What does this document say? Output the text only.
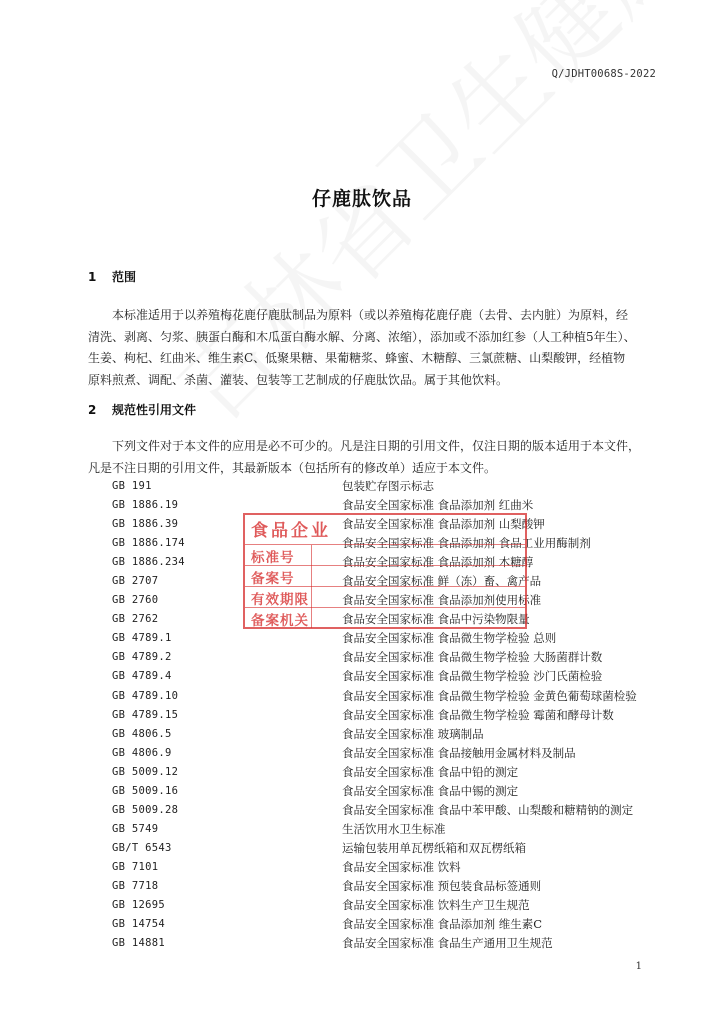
Q/JDHT0068S-2022
仔鹿肽饮品
1 范围
本标准适用于以养殖梅花鹿仔鹿肽制品为原料（或以养殖梅花鹿仔鹿（去骨、去内脏）为原料，经
清洗、剥离、匀浆、胰蛋白酶和木瓜蛋白酶水解、分离、浓缩），添加或不添加红参（人工种植5年生）、
生姜、枸杞、红曲米、维生素C、低聚果糖、果葡糖浆、蜂蜜、木糖醇、三氯蔗糖、山梨酸钾，经植物
原料煎煮、调配、杀菌、灌装、包装等工艺制成的仔鹿肽饮品。属于其他饮料。
2 规范性引用文件
下列文件对于本文件的应用是必不可少的。凡是注日期的引用文件，仅注日期的版本适用于本文件，
凡是不注日期的引用文件，其最新版本（包括所有的修改单）适应于本文件。
GB 191	包装贮存图示标志
GB 1886.19	食品安全国家标准 食品添加剂 红曲米
GB 1886.39	食品安全国家标准 食品添加剂 山梨酸钾
GB 1886.174	食品安全国家标准 食品添加剂 食品工业用酶制剂
GB 1886.234	食品安全国家标准 食品添加剂 木糖醇
GB 2707	食品安全国家标准 鲜（冻）畜、禽产品
GB 2760	食品安全国家标准 食品添加剂使用标准
GB 2762	食品安全国家标准 食品中污染物限量
GB 4789.1	食品安全国家标准 食品微生物学检验 总则
GB 4789.2	食品安全国家标准 食品微生物学检验 大肠菌群计数
GB 4789.4	食品安全国家标准 食品微生物学检验 沙门氏菌检验
GB 4789.10	食品安全国家标准 食品微生物学检验 金黄色葡萄球菌检验
GB 4789.15	食品安全国家标准 食品微生物学检验 霉菌和酵母计数
GB 4806.5	食品安全国家标准 玻璃制品
GB 4806.9	食品安全国家标准 食品接触用金属材料及制品
GB 5009.12	食品安全国家标准 食品中铅的测定
GB 5009.16	食品安全国家标准 食品中锡的测定
GB 5009.28	食品安全国家标准 食品中苯甲酸、山梨酸和糖精钠的测定
GB 5749	生活饮用水卫生标准
GB/T 6543	运输包装用单瓦楞纸箱和双瓦楞纸箱
GB 7101	食品安全国家标准 饮料
GB 7718	食品安全国家标准 预包装食品标签通则
GB 12695	食品安全国家标准 饮料生产卫生规范
GB 14754	食品安全国家标准 食品添加剂 维生素C
GB 14881	食品安全国家标准 食品生产通用卫生规范
食品企业
标准号
备案号
有效期限
备案机关
1
